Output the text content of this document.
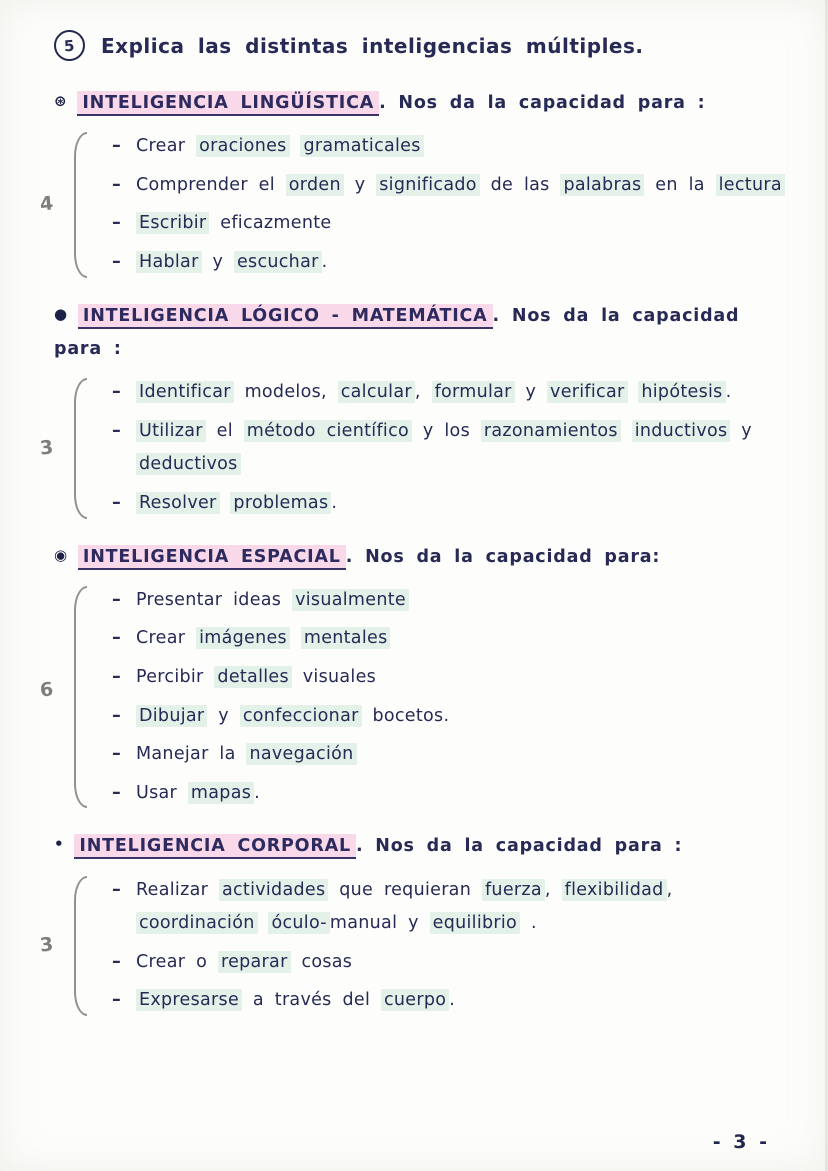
5	Explica las distintas inteligencias múltiples.
⊛ INTELIGENCIA LINGÜÍSTICA . Nos da la capacidad para :
4
– Crear oraciones gramaticales
– Comprender el orden y significado de las palabras en la lectura
–	Escribir eficazmente
–	Hablar y escuchar .
● INTELIGENCIA LÓGICO - MATEMÁTICA . Nos da la capacidad para :
3
–	Identificar modelos, calcular , formular y verificar hipótesis .
–	Utilizar el método científico y los razonamientos inductivos y deductivos
–	Resolver problemas .
◉ INTELIGENCIA ESPACIAL . Nos da la capacidad para:
6
– Presentar ideas visualmente
– Crear imágenes mentales
– Percibir detalles visuales
–	Dibujar y confeccionar bocetos.
– Manejar la navegación
– Usar mapas .
• INTELIGENCIA CORPORAL . Nos da la capacidad para :
3
– Realizar actividades que requieran fuerza , flexibilidad , coordinación óculo- manual y equilibrio .
– Crear o reparar cosas
–	Expresarse a través del cuerpo .
- 3 -
